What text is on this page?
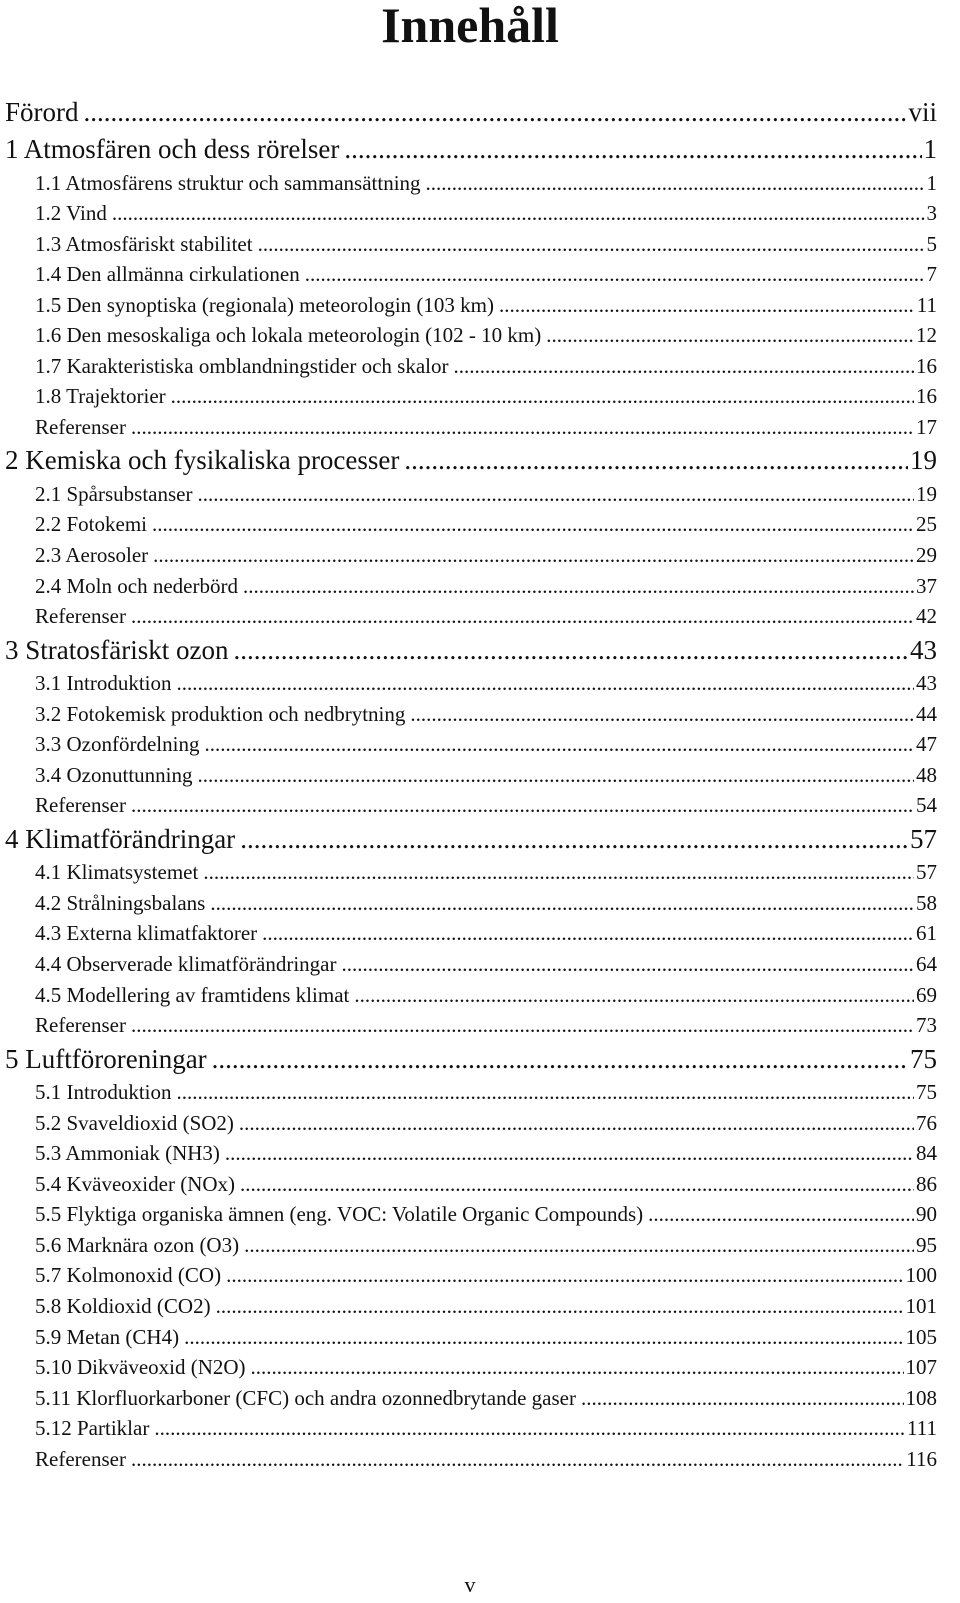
Innehåll
Förord .....	vii
1 Atmosfären och dess rörelser .....	1
1.1 Atmosfärens struktur och sammansättning .....	1
1.2 Vind .....	3
1.3 Atmosfäriskt stabilitet .....	5
1.4 Den allmänna cirkulationen .....	7
1.5 Den synoptiska (regionala) meteorologin (103 km) .....	11
1.6 Den mesoskaliga och lokala meteorologin (102 - 10 km) .....	12
1.7 Karakteristiska omblandningstider och skalor .....	16
1.8 Trajektorier .....	16
Referenser .....	17
2 Kemiska och fysikaliska processer .....	19
2.1 Spårsubstanser .....	19
2.2 Fotokemi .....	25
2.3 Aerosoler .....	29
2.4 Moln och nederbörd .....	37
Referenser .....	42
3 Stratosfäriskt ozon .....	43
3.1 Introduktion .....	43
3.2 Fotokemisk produktion och nedbrytning .....	44
3.3 Ozonfördelning .....	47
3.4 Ozonuttunning .....	48
Referenser .....	54
4 Klimatförändringar .....	57
4.1 Klimatsystemet .....	57
4.2 Strålningsbalans .....	58
4.3 Externa klimatfaktorer .....	61
4.4 Observerade klimatförändringar .....	64
4.5 Modellering av framtidens klimat .....	69
Referenser .....	73
5 Luftföroreningar .....	75
5.1 Introduktion .....	75
5.2 Svaveldioxid (SO2) .....	76
5.3 Ammoniak (NH3) .....	84
5.4 Kväveoxider (NOx) .....	86
5.5 Flyktiga organiska ämnen (eng. VOC: Volatile Organic Compounds) .....	90
5.6 Marknära ozon (O3) .....	95
5.7 Kolmonoxid (CO) .....	100
5.8 Koldioxid (CO2) .....	101
5.9 Metan (CH4) .....	105
5.10 Dikväveoxid (N2O) .....	107
5.11 Klorfluorkarboner (CFC) och andra ozonnedbrytande gaser .....	108
5.12 Partiklar .....	111
Referenser .....	116
v
